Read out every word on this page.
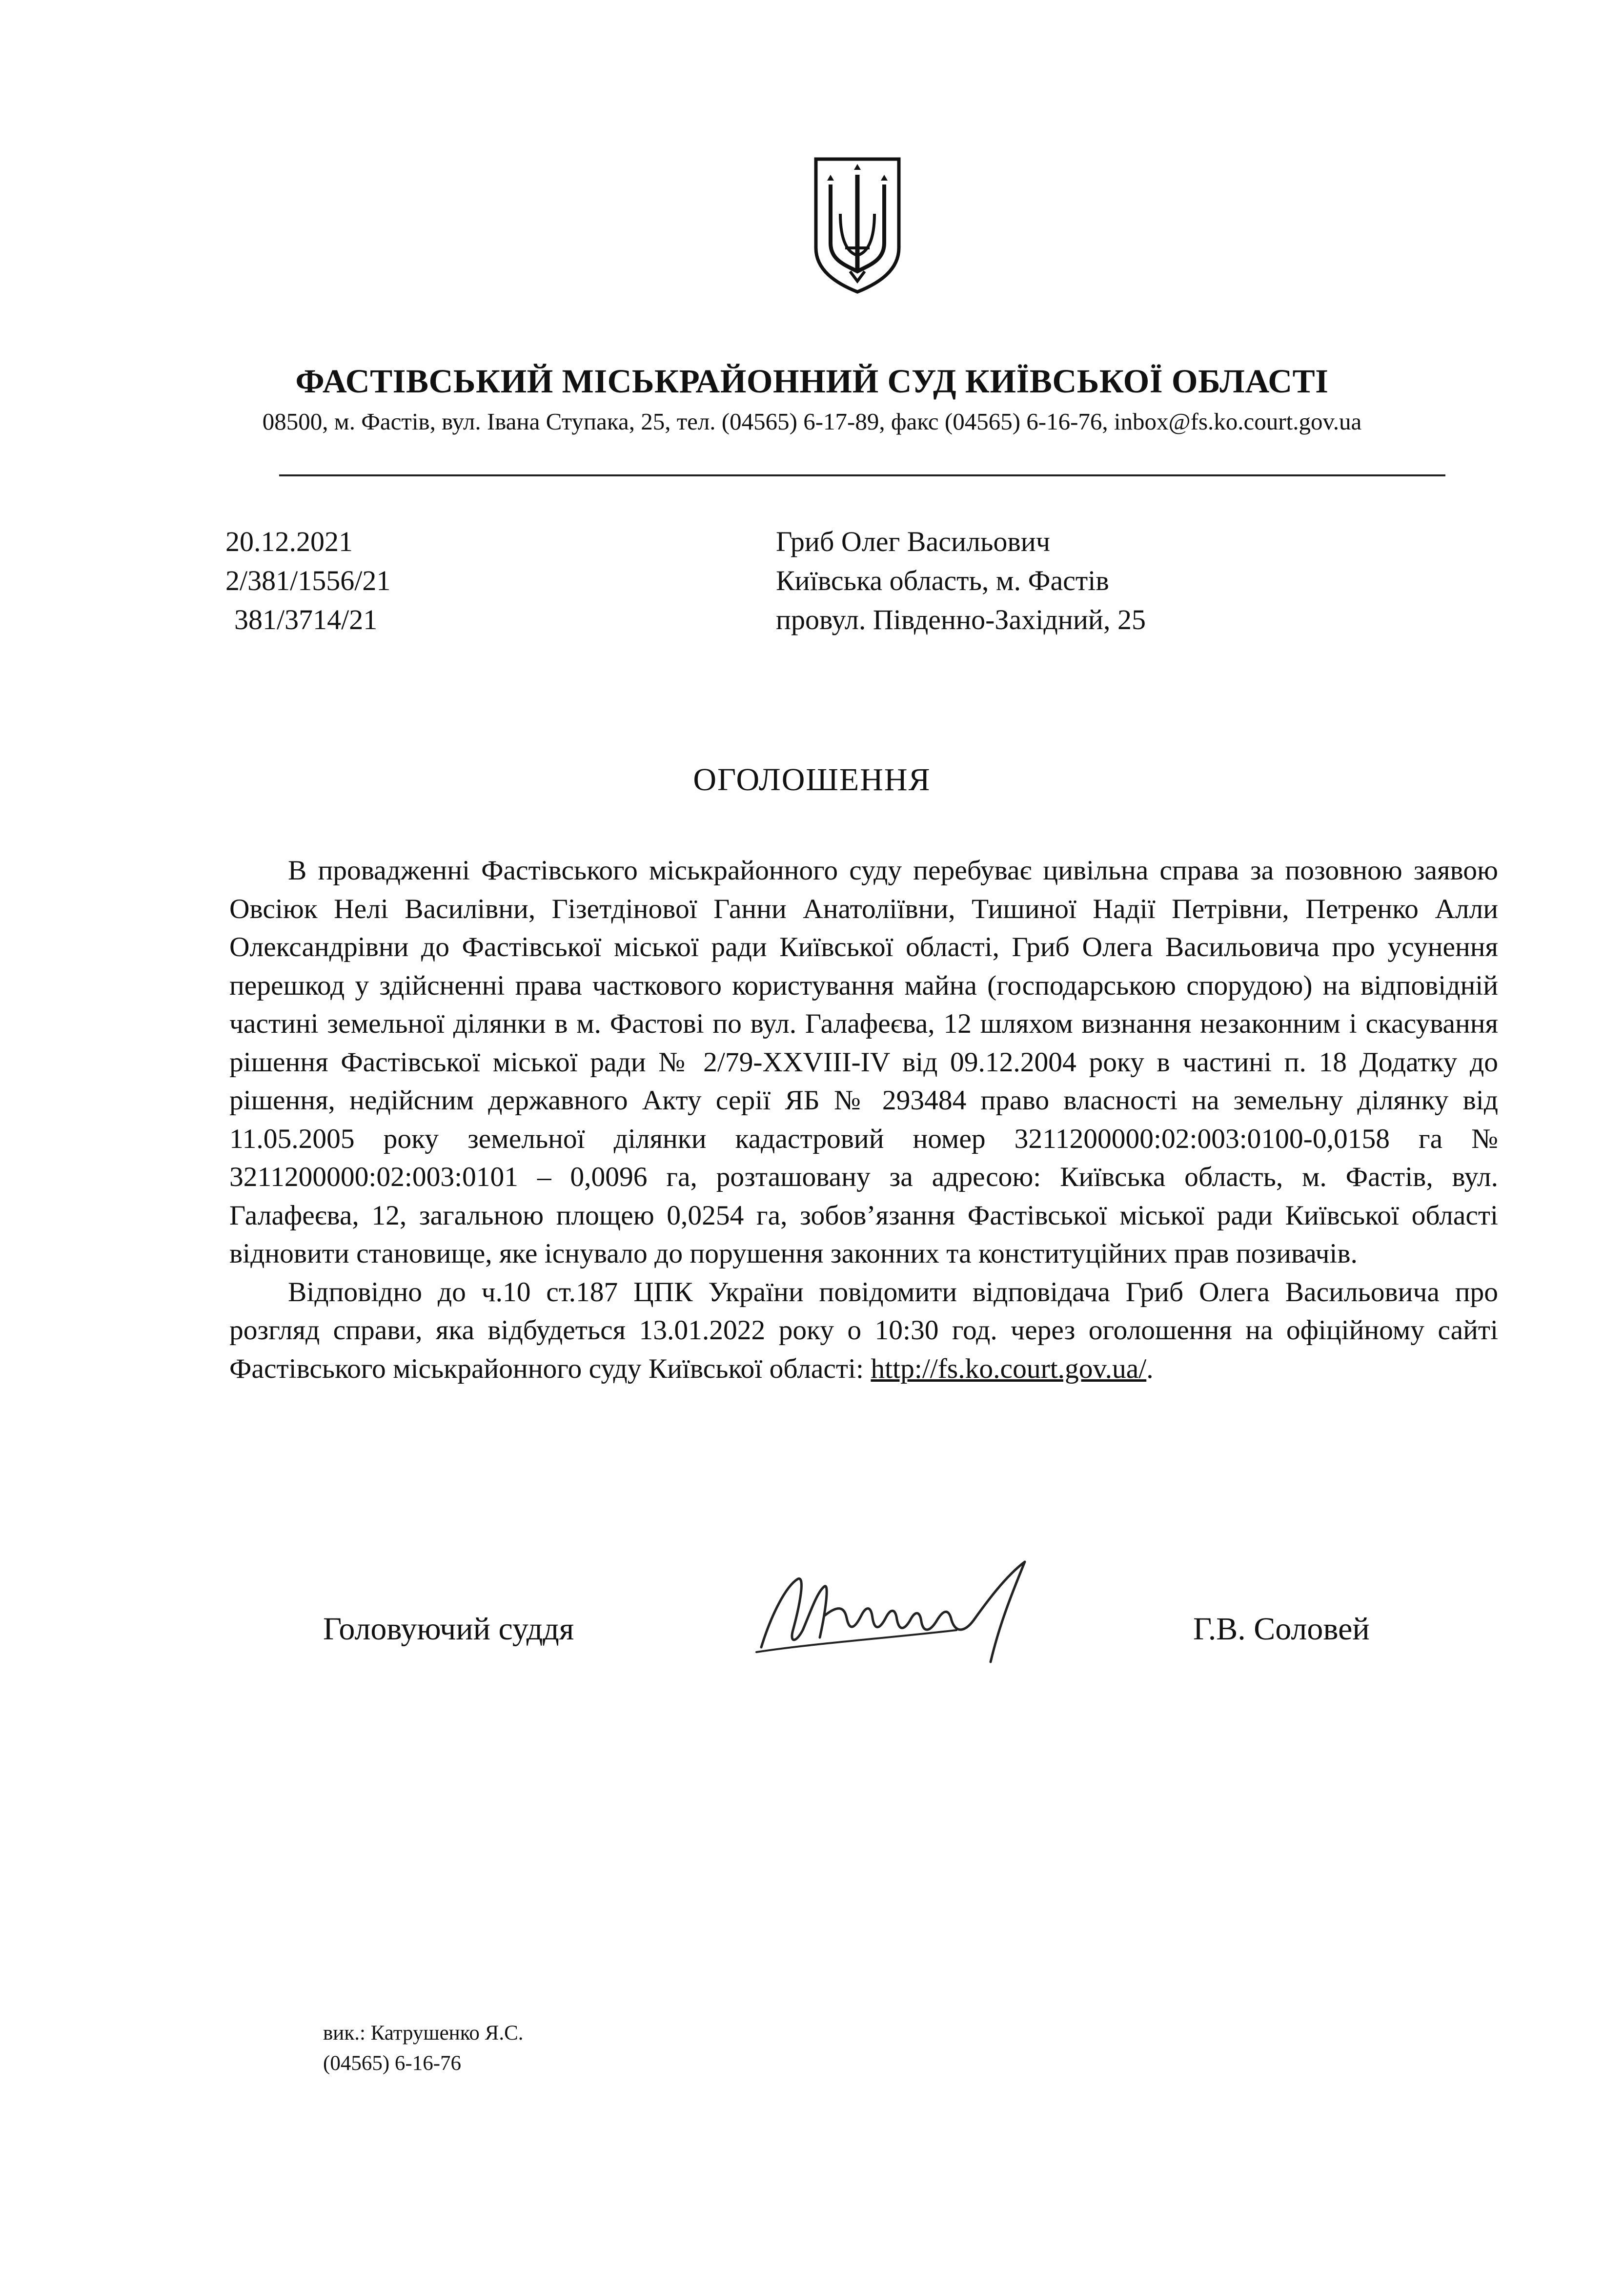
ФАСТІВСЬКИЙ МІСЬКРАЙОННИЙ СУД КИЇВСЬКОЇ ОБЛАСТІ
08500, м. Фастів, вул. Івана Ступака, 25, тел. (04565) 6-17-89, факс (04565) 6-16-76, inbox@fs.ko.court.gov.ua
20.12.2021
2/381/1556/21
381/3714/21
Гриб Олег Васильович
Київська область, м. Фастів
провул. Південно-Західний, 25
ОГОЛОШЕННЯ

В провадженні Фастівського міськрайонного суду перебуває цивільна справа за позовною заявою Овсіюк Нелі Василівни, Гізетдінової Ганни Анатоліївни, Тишиної Надії Петрівни, Петренко Алли Олександрівни до Фастівської міської ради Київської області, Гриб Олега Васильовича про усунення перешкод у здійсненні права часткового користування майна (господарською спорудою) на відповідній частині земельної ділянки в м. Фастові по вул. Галафеєва, 12 шляхом визнання незаконним і скасування рішення Фастівської міської ради № 2/79-XXVIII-IV від 09.12.2004 року в частині п. 18 Додатку до рішення, недійсним державного Акту серії ЯБ № 293484 право власності на земельну ділянку від 11.05.2005 року земельної ділянки кадастровий номер 3211200000:02:003:0100-0,0158 га № 3211200000:02:003:0101 – 0,0096 га, розташовану за адресою: Київська область, м. Фастів, вул. Галафеєва, 12, загальною площею 0,0254 га, зобов’язання Фастівської міської ради Київської області відновити становище, яке існувало до порушення законних та конституційних прав позивачів.

Відповідно до ч.10 ст.187 ЦПК України повідомити відповідача Гриб Олега Васильовича про розгляд справи, яка відбудеться 13.01.2022 року о 10:30 год. через оголошення на офіційному сайті Фастівського міськрайонного суду Київської області: http://fs.ko.court.gov.ua/.

Головуючий суддя	Г.В. Соловей
вик.: Катрушенко Я.С.
(04565) 6-16-76
